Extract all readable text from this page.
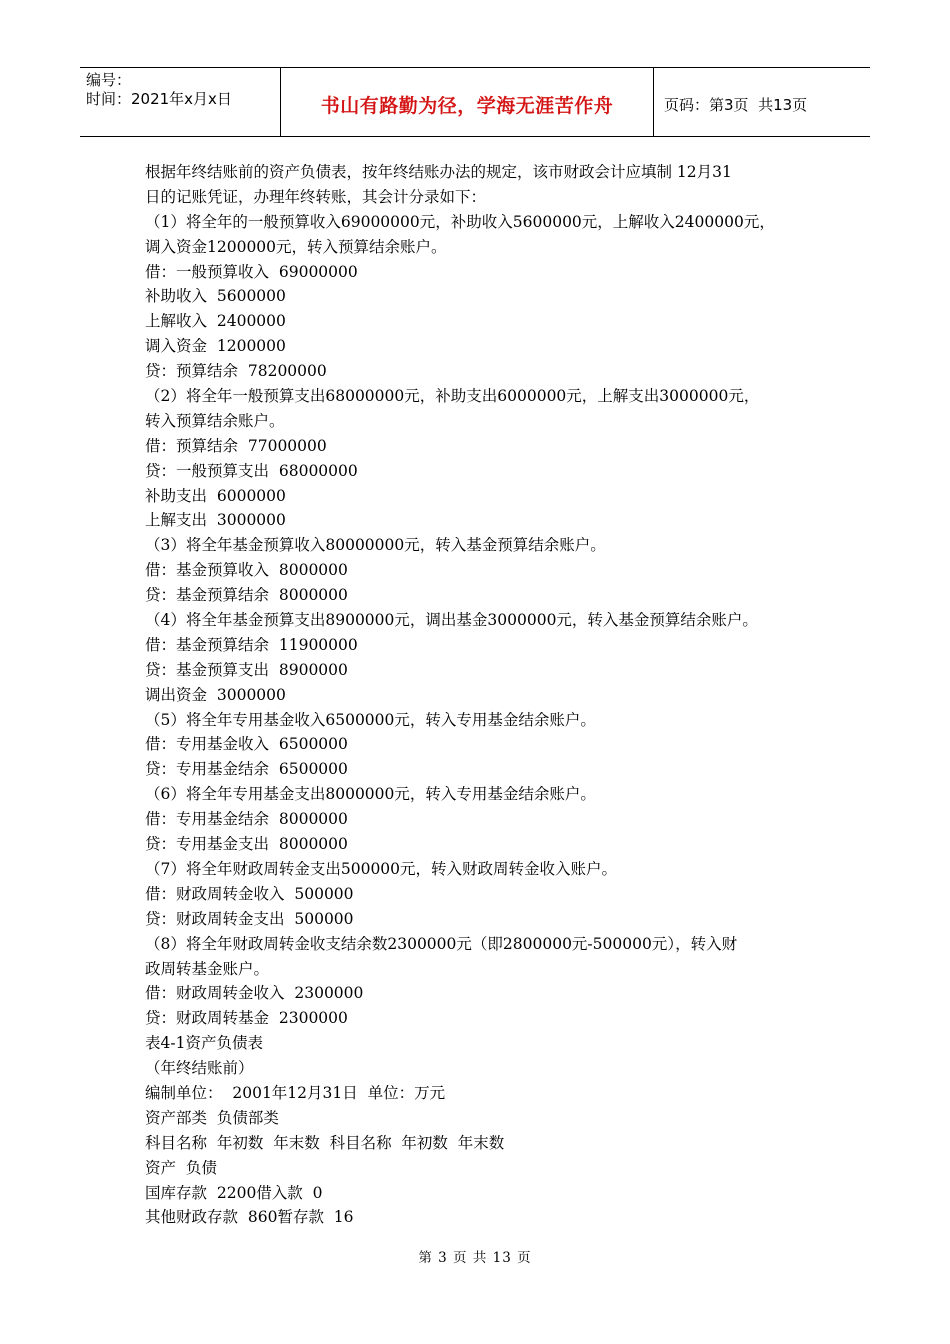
编号：
时间：2021年x月x日	书山有路勤为径，学海无涯苦作舟	页码：第3页  共13页
根据年终结账前的资产负债表，按年终结账办法的规定，该市财政会计应填制 12月31
日的记账凭证，办理年终转账，其会计分录如下：
（1）将全年的一般预算收入69000000元，补助收入5600000元，上解收入2400000元，
调入资金1200000元，转入预算结余账户。
借：一般预算收入  69000000
补助收入  5600000
上解收入  2400000
调入资金  1200000
贷：预算结余  78200000
（2）将全年一般预算支出68000000元，补助支出6000000元，上解支出3000000元，
转入预算结余账户。
借：预算结余  77000000
贷：一般预算支出  68000000
补助支出  6000000
上解支出  3000000
（3）将全年基金预算收入80000000元，转入基金预算结余账户。
借：基金预算收入  8000000
贷：基金预算结余  8000000
（4）将全年基金预算支出8900000元，调出基金3000000元，转入基金预算结余账户。
借：基金预算结余  11900000
贷：基金预算支出  8900000
调出资金  3000000
（5）将全年专用基金收入6500000元，转入专用基金结余账户。
借：专用基金收入  6500000
贷：专用基金结余  6500000
（6）将全年专用基金支出8000000元，转入专用基金结余账户。
借：专用基金结余  8000000
贷：专用基金支出  8000000
（7）将全年财政周转金支出500000元，转入财政周转金收入账户。
借：财政周转金收入  500000
贷：财政周转金支出  500000
（8）将全年财政周转金收支结余数2300000元（即2800000元-500000元），转入财
政周转基金账户。
借：财政周转金收入  2300000
贷：财政周转基金  2300000
表4-1资产负债表
（年终结账前）
编制单位：  2001年12月31日  单位：万元
资产部类  负债部类
科目名称  年初数  年末数  科目名称  年初数  年末数
资产  负债
国库存款  2200借入款  0
其他财政存款  860暂存款  16
第 3 页 共 13 页
